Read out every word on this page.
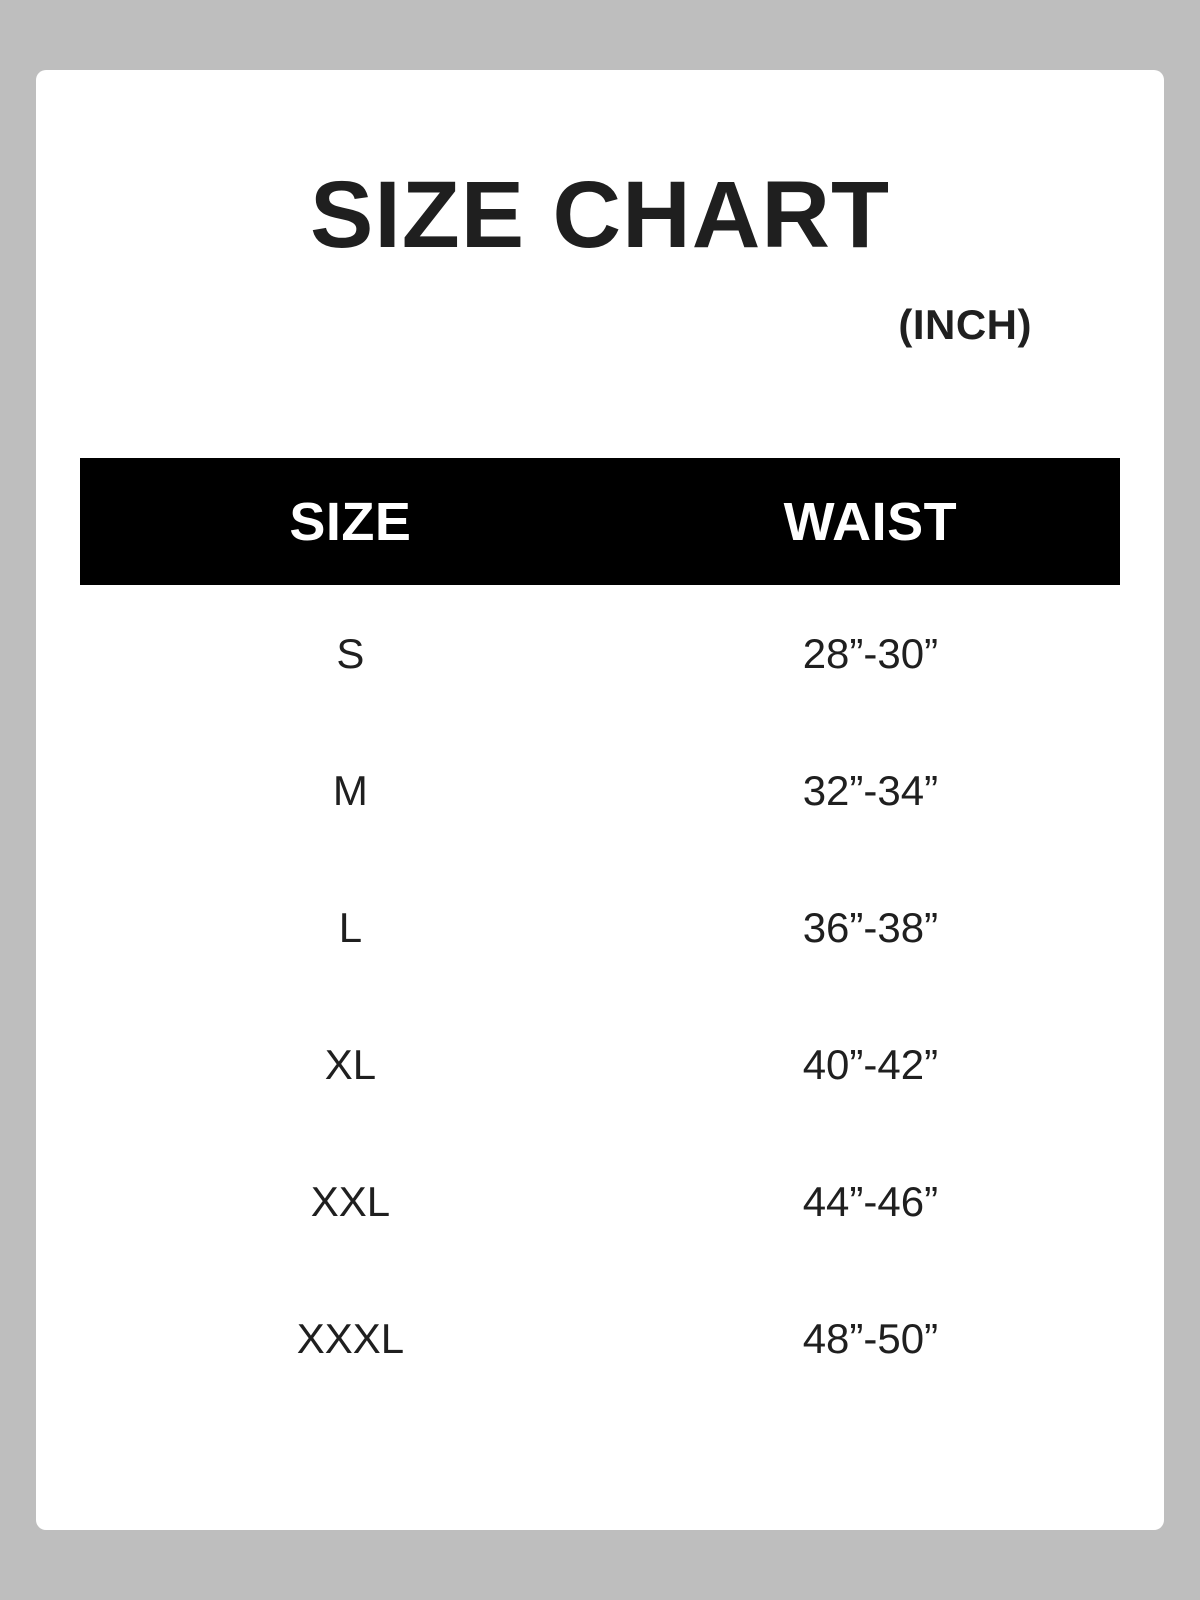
SIZE CHART

(INCH)

SIZE	WAIST
S	28”-30”
M	32”-34”
L	36”-38”
XL	40”-42”
XXL	44”-46”
XXXL	48”-50”
